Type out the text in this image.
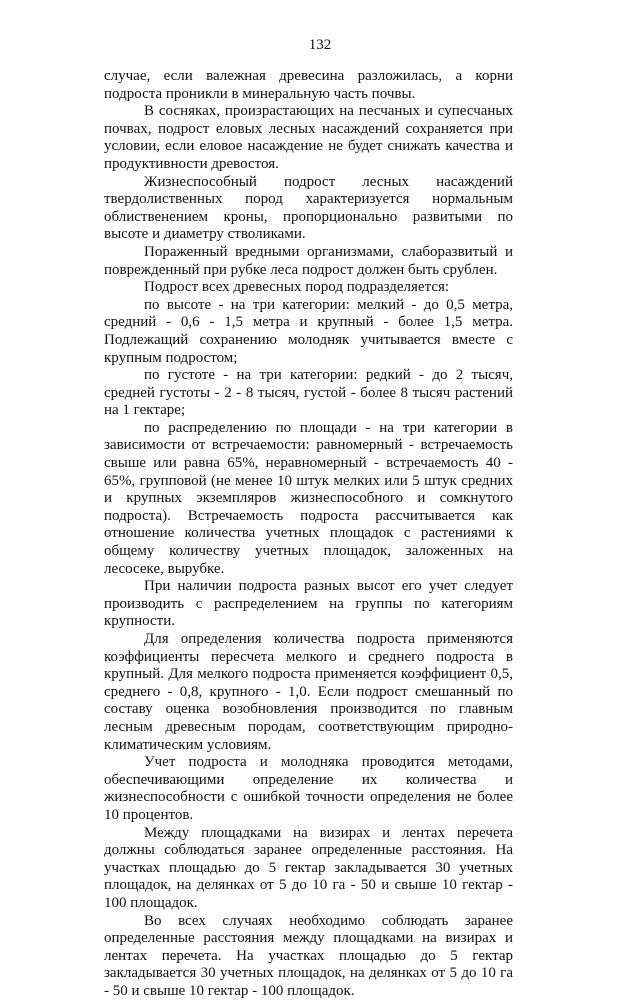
132

случае, если валежная древесина разложилась, а корни подроста проникли в минеральную часть почвы.

В сосняках, произрастающих на песчаных и супесчаных почвах, подрост еловых лесных насаждений сохраняется при условии, если еловое насаждение не будет снижать качества и продуктивности древостоя.

Жизнеспособный подрост лесных насаждений твердолиственных пород характеризуется нормальным облиственением кроны, пропорционально развитыми по высоте и диаметру стволиками.

Пораженный вредными организмами, слаборазвитый и поврежденный при рубке леса подрост должен быть срублен.

Подрост всех древесных пород подразделяется:

по высоте - на три категории: мелкий - до 0,5 метра, средний - 0,6 - 1,5 метра и крупный - более 1,5 метра. Подлежащий сохранению молодняк учитывается вместе с крупным подростом;

по густоте - на три категории: редкий - до 2 тысяч, средней густоты - 2 - 8 тысяч, густой - более 8 тысяч растений на 1 гектаре;

по распределению по площади - на три категории в зависимости от встречаемости: равномерный - встречаемость свыше или равна 65%, неравномерный - встречаемость 40 - 65%, групповой (не менее 10 штук мелких или 5 штук средних и крупных экземпляров жизнеспособного и сомкнутого подроста). Встречаемость подроста рассчитывается как отношение количества учетных площадок с растениями к общему количеству учетных площадок, заложенных на лесосеке, вырубке.

При наличии подроста разных высот его учет следует производить с распределением на группы по категориям крупности.

Для определения количества подроста применяются коэффициенты пересчета мелкого и среднего подроста в крупный. Для мелкого подроста применяется коэффициент 0,5, среднего - 0,8, крупного - 1,0. Если подрост смешанный по составу оценка возобновления производится по главным лесным древесным породам, соответствующим природно-климатическим условиям.

Учет подроста и молодняка проводится методами, обеспечивающими определение их количества и жизнеспособности с ошибкой точности определения не более 10 процентов.

Между площадками на визирах и лентах перечета должны соблюдаться заранее определенные расстояния. На участках площадью до 5 гектар закладывается 30 учетных площадок, на делянках от 5 до 10 га - 50 и свыше 10 гектар - 100 площадок.

Во всех случаях необходимо соблюдать заранее определенные расстояния между площадками на визирах и лентах перечета. На участках площадью до 5 гектар закладывается 30 учетных площадок, на делянках от 5 до 10 га - 50 и свыше 10 гектар - 100 площадок.
